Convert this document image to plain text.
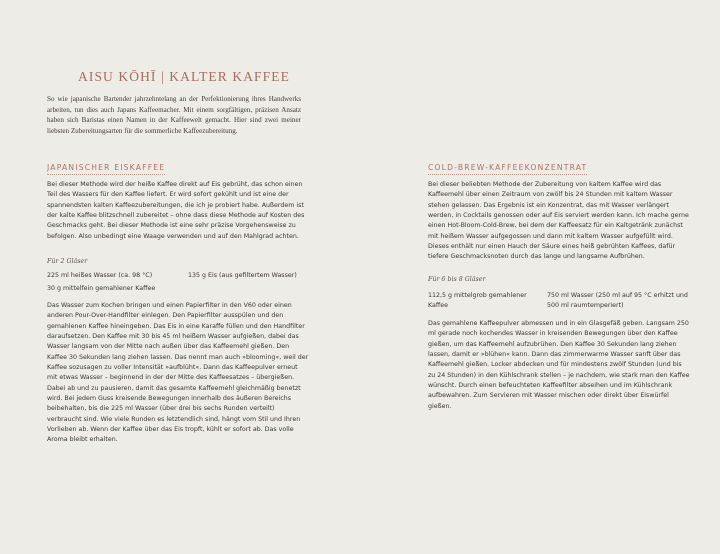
AISU KŌHĪ | KALTER KAFFEE
So wie japanische Bartender jahrzehntelang an der Perfektionierung ihres Handwerks arbeiten, tun dies auch Japans Kaffeemacher. Mit einem sorgfältigen, präzisen Ansatz haben sich Baristas einen Namen in der Kaffeewelt gemacht. Hier sind zwei meiner liebsten Zubereitungsarten für die sommerliche Kaffeezubereitung.
JAPANISCHER EISKAFFEE
Bei dieser Methode wird der heiße Kaffee direkt auf Eis gebrüht, das schon einen Teil des Wassers für den Kaffee liefert. Er wird sofort gekühlt und ist eine der spannendsten kalten Kaffeezubereitungen, die ich je probiert habe. Außerdem ist der kalte Kaffee blitzschnell zubereitet – ohne dass diese Methode auf Kosten des Geschmacks geht. Bei dieser Methode ist eine sehr präzise Vorgehensweise zu befolgen. Also unbedingt eine Waage verwenden und auf den Mahlgrad achten.
Für 2 Gläser
225 ml heißes Wasser (ca. 98 °C)	135 g Eis (aus gefiltertem Wasser)
30 g mittelfein gemahlener Kaffee
Das Wasser zum Kochen bringen und einen Papierfilter in den V60 oder einen anderen Pour-Over-Handfilter einlegen. Den Papierfilter ausspülen und den gemahlenen Kaffee hineingeben. Das Eis in eine Karaffe füllen und den Handfilter daraufsetzen. Den Kaffee mit 30 bis 45 ml heißem Wasser aufgießen, dabei das Wasser langsam von der Mitte nach außen über das Kaffeemehl gießen. Den Kaffee 30 Sekunden lang ziehen lassen. Das nennt man auch »blooming«, weil der Kaffee sozusagen zu voller Intensität »aufblüht«. Dann das Kaffeepulver erneut mit etwas Wasser – beginnend in der der Mitte des Kaffeesatzes – übergießen. Dabei ab und zu pausieren, damit das gesamte Kaffeemehl gleichmäßig benetzt wird. Bei jedem Guss kreisende Bewegungen innerhalb des äußeren Bereichs beibehalten, bis die 225 ml Wasser (über drei bis sechs Runden verteilt) verbraucht sind. Wie viele Runden es letztendlich sind, hängt vom Stil und Ihren Vorlieben ab. Wenn der Kaffee über das Eis tropft, kühlt er sofort ab. Das volle Aroma bleibt erhalten.
COLD-BREW-KAFFEEKONZENTRAT
Bei dieser beliebten Methode der Zubereitung von kaltem Kaffee wird das Kaffeemehl über einen Zeitraum von zwölf bis 24 Stunden mit kaltem Wasser stehen gelassen. Das Ergebnis ist ein Konzentrat, das mit Wasser verlängert werden, in Cocktails genossen oder auf Eis serviert werden kann. Ich mache gerne einen Hot-Bloom-Cold-Brew, bei dem der Kaffeesatz für ein Kaltgetränk zunächst mit heißem Wasser aufgegossen und dann mit kaltem Wasser aufgefüllt wird. Dieses enthält nur einen Hauch der Säure eines heiß gebrühten Kaffees, dafür tiefere Geschmacksnoten durch das lange und langsame Aufbrühen.
Für 6 bis 8 Gläser
112,5 g mittelgrob gemahlener Kaffee
750 ml Wasser (250 ml auf 95 °C erhitzt und 500 ml raumtemperiert)
Das gemahlene Kaffeepulver abmessen und in ein Glasgefäß geben. Langsam 250 ml gerade noch kochendes Wasser in kreisenden Bewegungen über den Kaffee gießen, um das Kaffeemehl aufzubrühen. Den Kaffee 30 Sekunden lang ziehen lassen, damit er »blühen« kann. Dann das zimmerwarme Wasser sanft über das Kaffeemehl gießen. Locker abdecken und für mindestens zwölf Stunden (und bis zu 24 Stunden) in den Kühlschrank stellen – je nachdem, wie stark man den Kaffee wünscht. Durch einen befeuchteten Kaffeefilter abseihen und im Kühlschrank aufbewahren. Zum Servieren mit Wasser mischen oder direkt über Eiswürfel gießen.
